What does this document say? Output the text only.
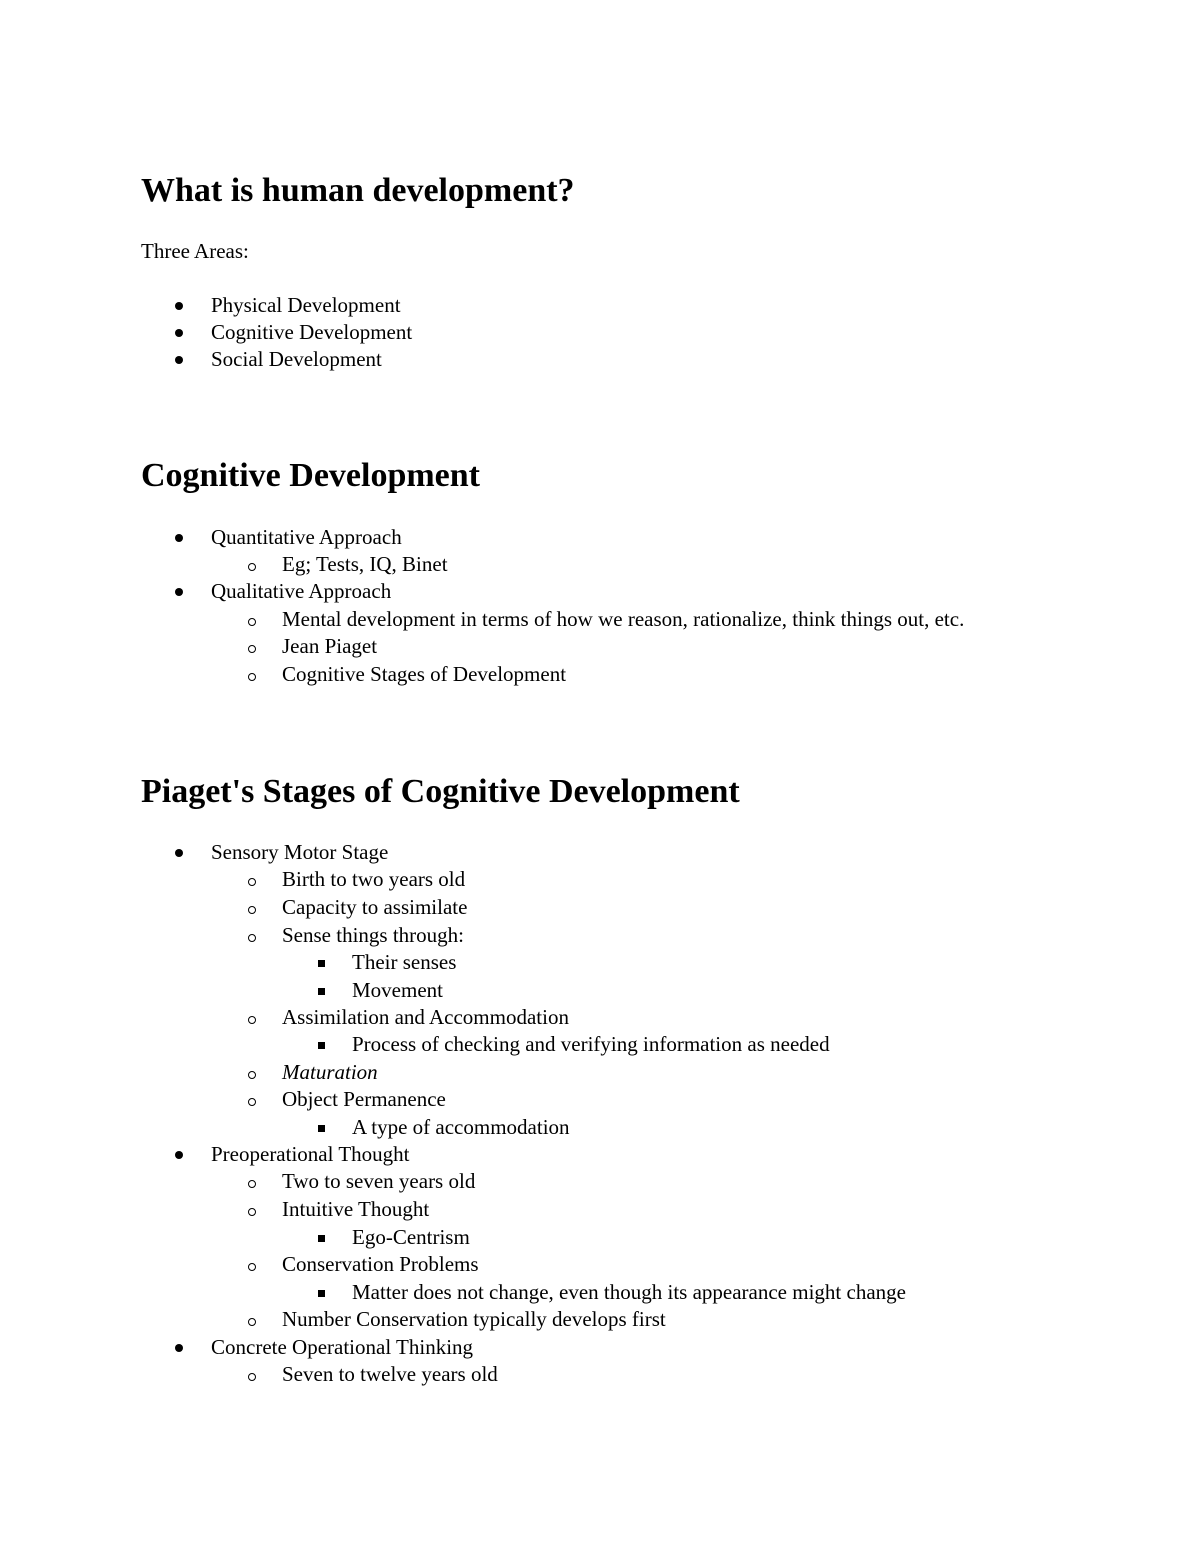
What is human development?

Three Areas:

Physical Development
Cognitive Development
Social Development
Cognitive Development
Quantitative Approach
Eg; Tests, IQ, Binet
Qualitative Approach
Mental development in terms of how we reason, rationalize, think things out, etc.
Jean Piaget
Cognitive Stages of Development
Piaget's Stages of Cognitive Development
Sensory Motor Stage
Birth to two years old
Capacity to assimilate
Sense things through:
Their senses
Movement
Assimilation and Accommodation
Process of checking and verifying information as needed
Maturation
Object Permanence
A type of accommodation
Preoperational Thought
Two to seven years old
Intuitive Thought
Ego-Centrism
Conservation Problems
Matter does not change, even though its appearance might change
Number Conservation typically develops first
Concrete Operational Thinking
Seven to twelve years old
